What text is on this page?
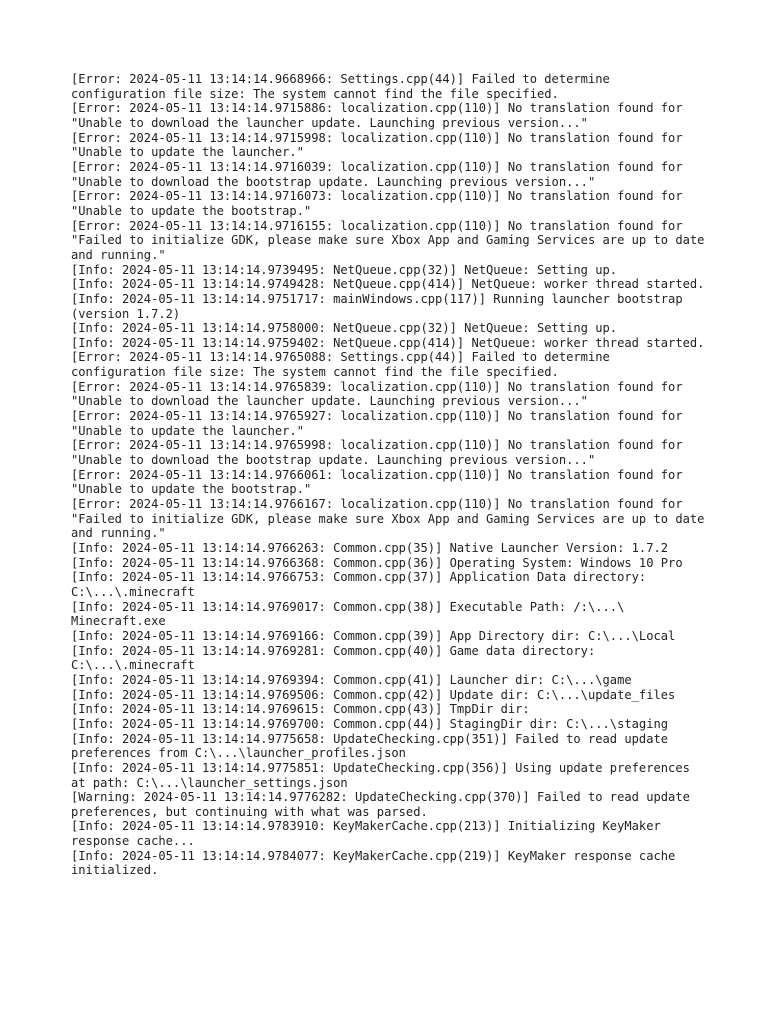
[Error: 2024-05-11 13:14:14.9668966: Settings.cpp(44)] Failed to determine configuration file size: The system cannot find the file specified.
[Error: 2024-05-11 13:14:14.9715886: localization.cpp(110)] No translation found for "Unable to download the launcher update. Launching previous version..."
[Error: 2024-05-11 13:14:14.9715998: localization.cpp(110)] No translation found for "Unable to update the launcher."
[Error: 2024-05-11 13:14:14.9716039: localization.cpp(110)] No translation found for "Unable to download the bootstrap update. Launching previous version..."
[Error: 2024-05-11 13:14:14.9716073: localization.cpp(110)] No translation found for "Unable to update the bootstrap."
[Error: 2024-05-11 13:14:14.9716155: localization.cpp(110)] No translation found for "Failed to initialize GDK, please make sure Xbox App and Gaming Services are up to date and running."
[Info: 2024-05-11 13:14:14.9739495: NetQueue.cpp(32)] NetQueue: Setting up.
[Info: 2024-05-11 13:14:14.9749428: NetQueue.cpp(414)] NetQueue: worker thread started.
[Info: 2024-05-11 13:14:14.9751717: mainWindows.cpp(117)] Running launcher bootstrap (version 1.7.2)
[Info: 2024-05-11 13:14:14.9758000: NetQueue.cpp(32)] NetQueue: Setting up.
[Info: 2024-05-11 13:14:14.9759402: NetQueue.cpp(414)] NetQueue: worker thread started.
[Error: 2024-05-11 13:14:14.9765088: Settings.cpp(44)] Failed to determine configuration file size: The system cannot find the file specified.
[Error: 2024-05-11 13:14:14.9765839: localization.cpp(110)] No translation found for "Unable to download the launcher update. Launching previous version..."
[Error: 2024-05-11 13:14:14.9765927: localization.cpp(110)] No translation found for "Unable to update the launcher."
[Error: 2024-05-11 13:14:14.9765998: localization.cpp(110)] No translation found for "Unable to download the bootstrap update. Launching previous version..."
[Error: 2024-05-11 13:14:14.9766061: localization.cpp(110)] No translation found for "Unable to update the bootstrap."
[Error: 2024-05-11 13:14:14.9766167: localization.cpp(110)] No translation found for "Failed to initialize GDK, please make sure Xbox App and Gaming Services are up to date and running."
[Info: 2024-05-11 13:14:14.9766263: Common.cpp(35)] Native Launcher Version: 1.7.2
[Info: 2024-05-11 13:14:14.9766368: Common.cpp(36)] Operating System: Windows 10 Pro
[Info: 2024-05-11 13:14:14.9766753: Common.cpp(37)] Application Data directory: C:\...\.minecraft
[Info: 2024-05-11 13:14:14.9769017: Common.cpp(38)] Executable Path: /:\...\ Minecraft.exe
[Info: 2024-05-11 13:14:14.9769166: Common.cpp(39)] App Directory dir: C:\...\Local
[Info: 2024-05-11 13:14:14.9769281: Common.cpp(40)] Game data directory: C:\...\.minecraft
[Info: 2024-05-11 13:14:14.9769394: Common.cpp(41)] Launcher dir: C:\...\game
[Info: 2024-05-11 13:14:14.9769506: Common.cpp(42)] Update dir: C:\...\update_files
[Info: 2024-05-11 13:14:14.9769615: Common.cpp(43)] TmpDir dir:
[Info: 2024-05-11 13:14:14.9769700: Common.cpp(44)] StagingDir dir: C:\...\staging
[Info: 2024-05-11 13:14:14.9775658: UpdateChecking.cpp(351)] Failed to read update preferences from C:\...\launcher_profiles.json
[Info: 2024-05-11 13:14:14.9775851: UpdateChecking.cpp(356)] Using update preferences at path: C:\...\launcher_settings.json
[Warning: 2024-05-11 13:14:14.9776282: UpdateChecking.cpp(370)] Failed to read update preferences, but continuing with what was parsed.
[Info: 2024-05-11 13:14:14.9783910: KeyMakerCache.cpp(213)] Initializing KeyMaker response cache...
[Info: 2024-05-11 13:14:14.9784077: KeyMakerCache.cpp(219)] KeyMaker response cache initialized.
